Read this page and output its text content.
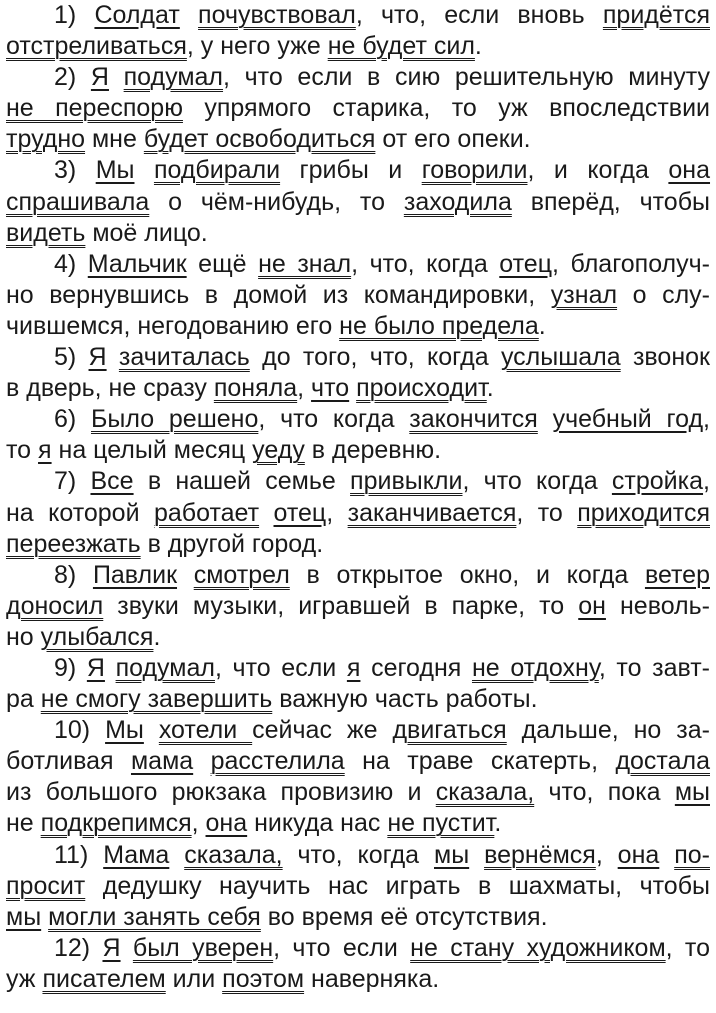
1) Солдат почувствовал, что, если вновь придётся
отстреливаться, у него уже не будет сил.
2) Я подумал, что если в сию решительную минуту
не переспорю упрямого старика, то уж впоследствии
трудно мне будет освободиться от его опеки.
3) Мы подбирали грибы и говорили, и когда она
спрашивала о чём-нибудь, то заходила вперёд, чтобы
видеть моё лицо.
4) Мальчик ещё не знал, что, когда отец, благополуч-
но вернувшись в домой из командировки, узнал о слу-
чившемся, негодованию его не было предела.
5) Я зачиталась до того, что, когда услышала звонок
в дверь, не сразу поняла, что происходит.
6) Было решено, что когда закончится учебный год,
то я на целый месяц уеду в деревню.
7) Все в нашей семье привыкли, что когда стройка,
на которой работает отец, заканчивается, то приходится
переезжать в другой город.
8) Павлик смотрел в открытое окно, и когда ветер
доносил звуки музыки, игравшей в парке, то он неволь-
но улыбался.
9) Я подумал, что если я сегодня не отдохну, то завт-
ра не смогу завершить важную часть работы.
10) Мы хотели сейчас же двигаться дальше, но за-
ботливая мама расстелила на траве скатерть, достала
из большого рюкзака провизию и сказала, что, пока мы
не подкрепимся, она никуда нас не пустит.
11) Мама сказала, что, когда мы вернёмся, она по-
просит дедушку научить нас играть в шахматы, чтобы
мы могли занять себя во время её отсутствия.
12) Я был уверен, что если не стану художником, то
уж писателем или поэтом наверняка.
